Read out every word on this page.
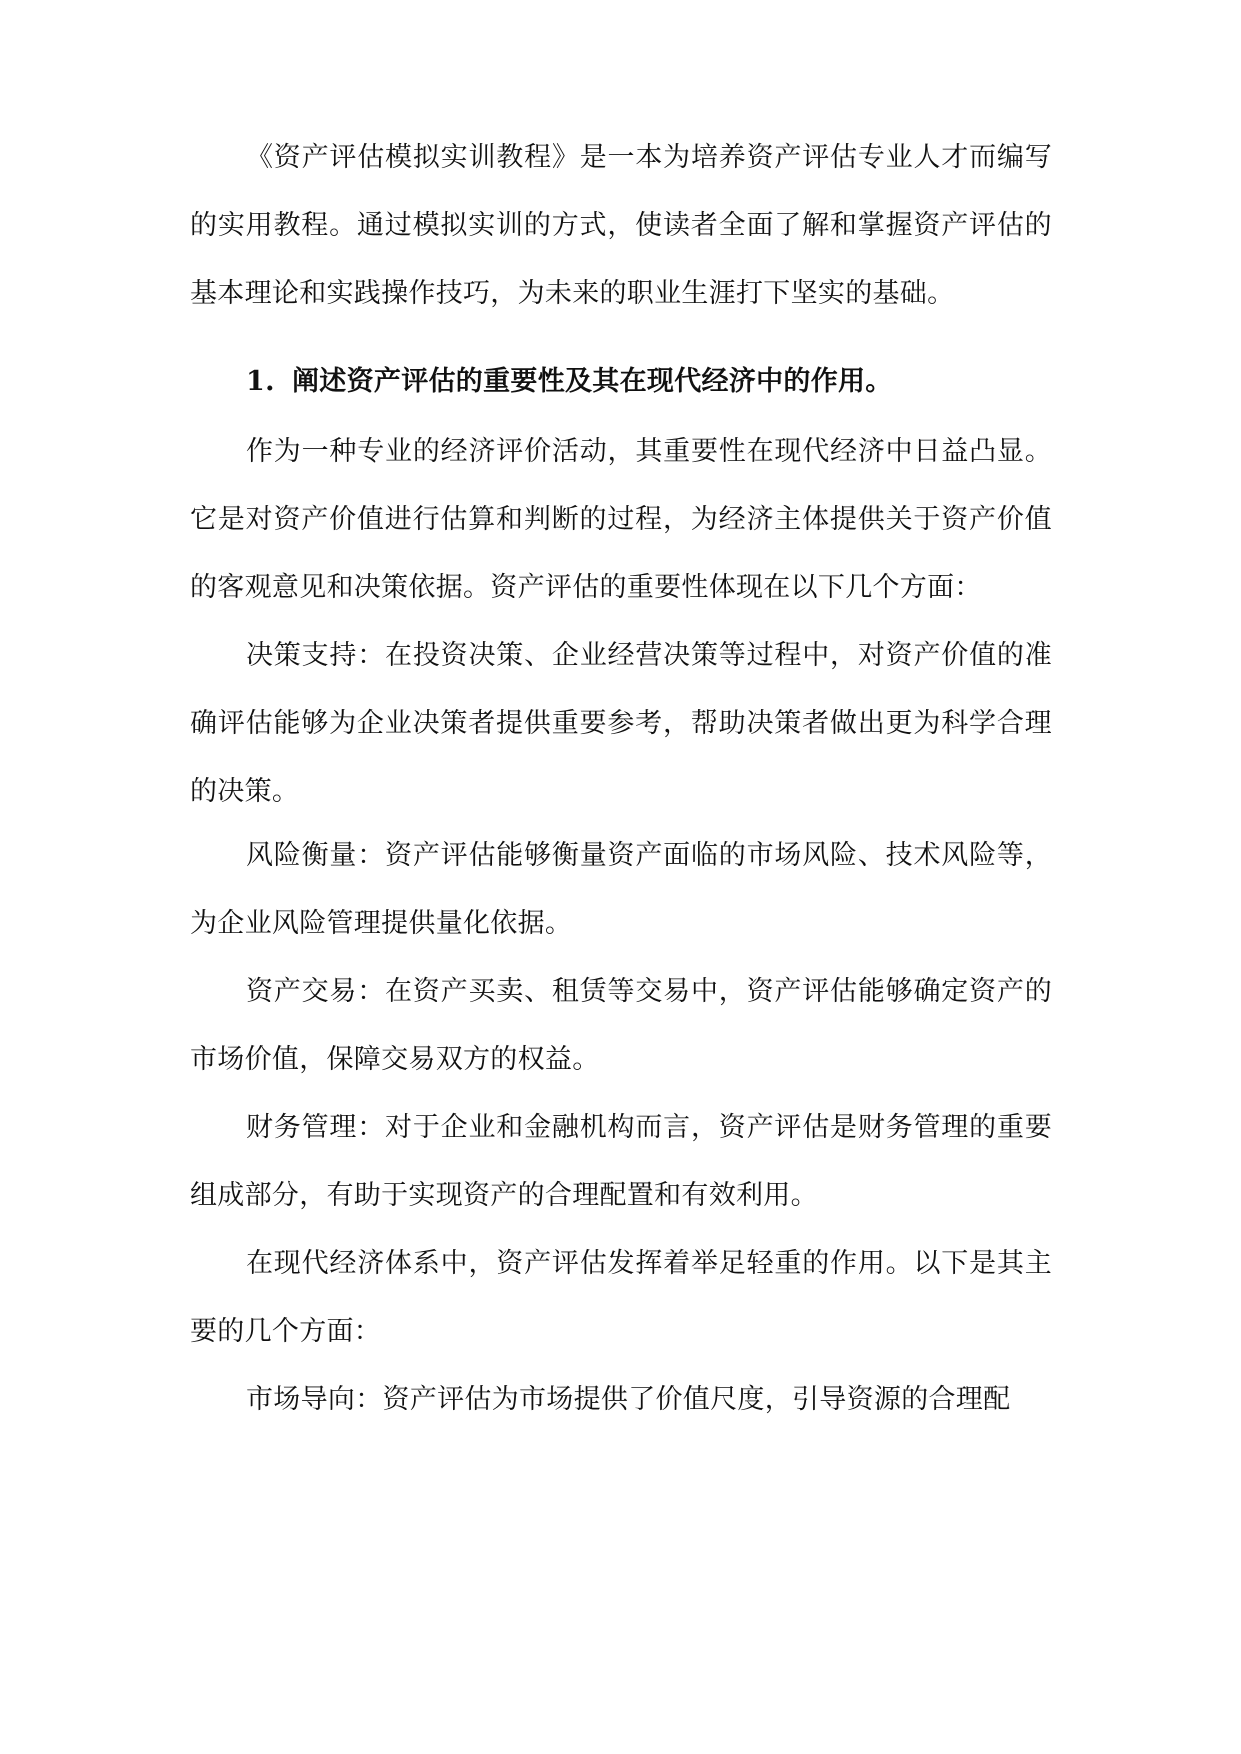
《资产评估模拟实训教程》是一本为培养资产评估专业人才而编写的实用教程。通过模拟实训的方式，使读者全面了解和掌握资产评估的基本理论和实践操作技巧，为未来的职业生涯打下坚实的基础。

1. 阐述资产评估的重要性及其在现代经济中的作用。

作为一种专业的经济评价活动，其重要性在现代经济中日益凸显。它是对资产价值进行估算和判断的过程，为经济主体提供关于资产价值的客观意见和决策依据。资产评估的重要性体现在以下几个方面：

决策支持：在投资决策、企业经营决策等过程中，对资产价值的准确评估能够为企业决策者提供重要参考，帮助决策者做出更为科学合理的决策。

风险衡量：资产评估能够衡量资产面临的市场风险、技术风险等，为企业风险管理提供量化依据。

资产交易：在资产买卖、租赁等交易中，资产评估能够确定资产的市场价值，保障交易双方的权益。

财务管理：对于企业和金融机构而言，资产评估是财务管理的重要组成部分，有助于实现资产的合理配置和有效利用。

在现代经济体系中，资产评估发挥着举足轻重的作用。以下是其主要的几个方面：

市场导向：资产评估为市场提供了价值尺度，引导资源的合理配
